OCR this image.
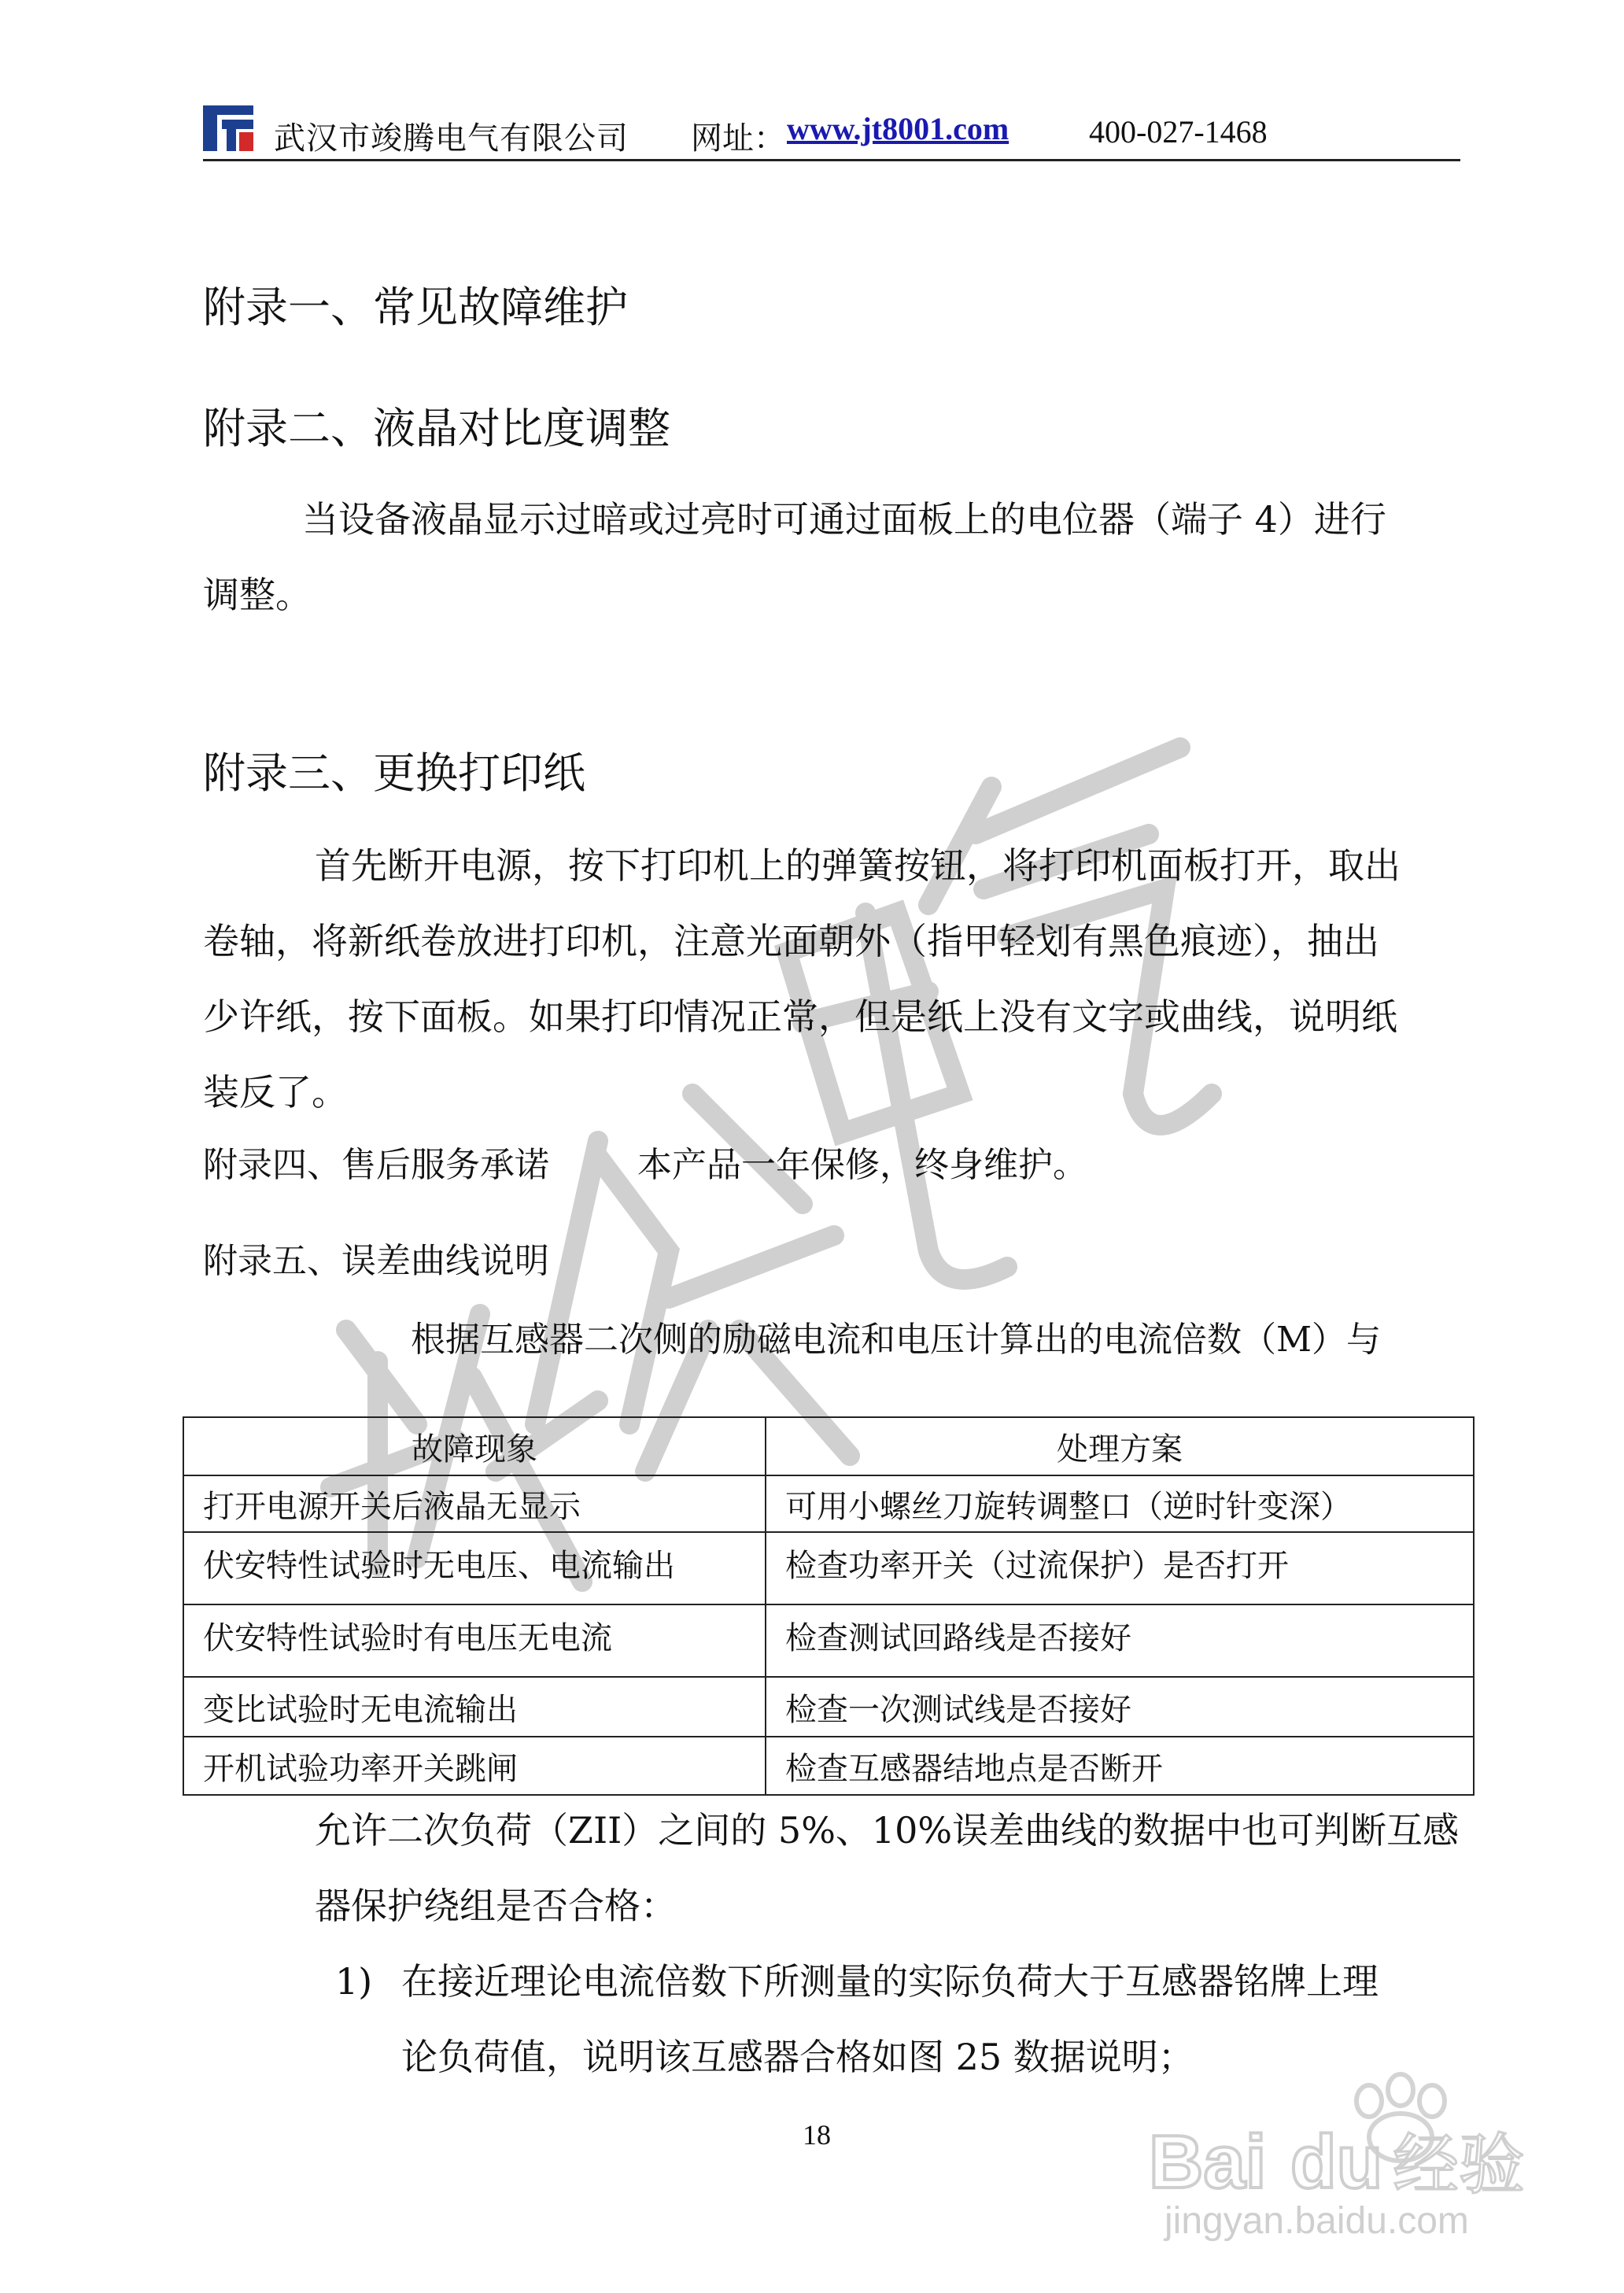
武汉市竣腾电气有限公司 网址： www.jt8001.com	400-027-1468
附录一、常见故障维护
附录二、液晶对比度调整
当设备液晶显示过暗或过亮时可通过面板上的电位器（端子 4）进行
调整。
附录三、更换打印纸
首先断开电源，按下打印机上的弹簧按钮，将打印机面板打开，取出
卷轴，将新纸卷放进打印机，注意光面朝外（指甲轻划有黑色痕迹），抽出
少许纸，按下面板。如果打印情况正常，但是纸上没有文字或曲线，说明纸
装反了。
附录四、售后服务承诺	本产品一年保修，终身维护。
附录五、误差曲线说明
根据互感器二次侧的励磁电流和电压计算出的电流倍数（M）与
故障现象	处理方案
打开电源开关后液晶无显示	可用小螺丝刀旋转调整口（逆时针变深）
伏安特性试验时无电压、电流输出	检查功率开关（过流保护）是否打开
伏安特性试验时有电压无电流	检查测试回路线是否接好
变比试验时无电流输出	检查一次测试线是否接好
开机试验功率开关跳闸	检查互感器结地点是否断开
允许二次负荷（ZII）之间的 5%、10%误差曲线的数据中也可判断互感
器保护绕组是否合格：
1) 在接近理论电流倍数下所测量的实际负荷大于互感器铭牌上理
论负荷值，说明该互感器合格如图 25 数据说明；
18	Bai du 经验
jingyan.baidu.com
